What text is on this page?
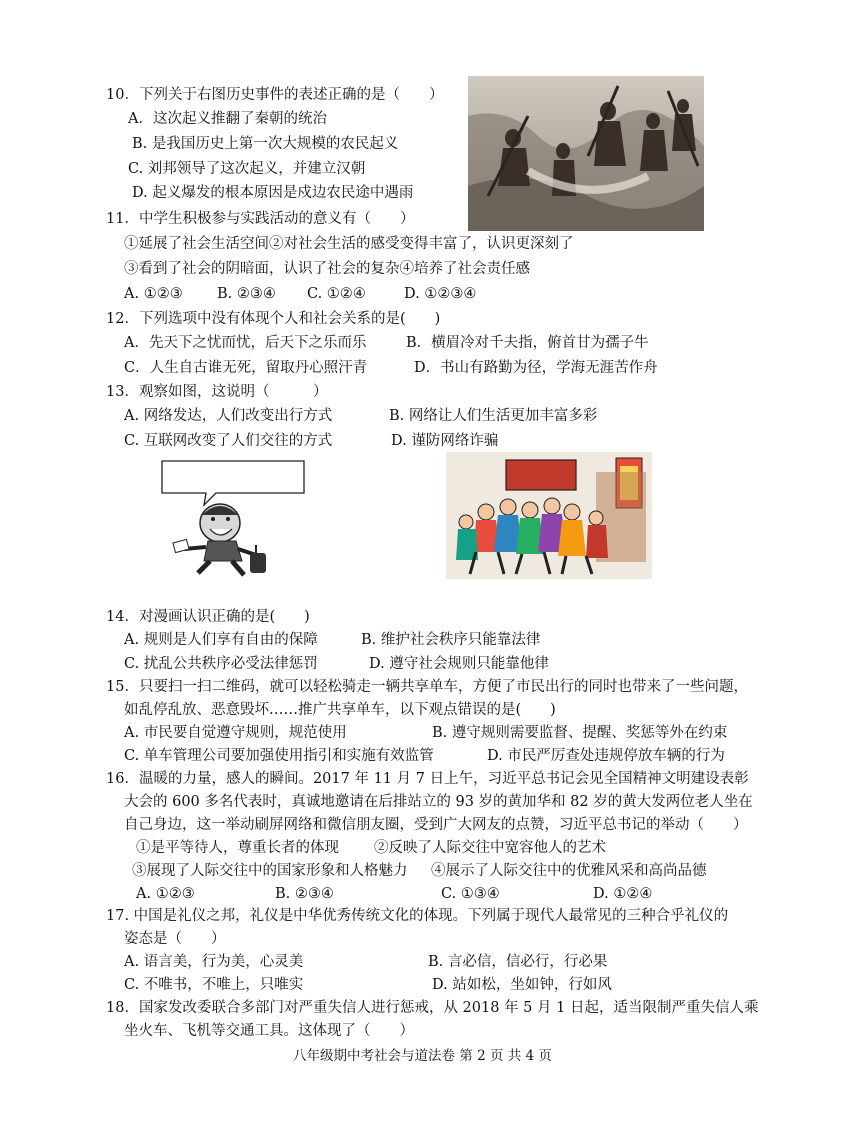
10．下列关于右图历史事件的表述正确的是（　　）
A．这次起义推翻了秦朝的统治
B. 是我国历史上第一次大规模的农民起义
C. 刘邦领导了这次起义，并建立汉朝
D. 起义爆发的根本原因是戍边农民途中遇雨
11．中学生积极参与实践活动的意义有（　　）
①延展了社会生活空间②对社会生活的感受变得丰富了，认识更深刻了
③看到了社会的阴暗面，认识了社会的复杂④培养了社会责任感
A. ①②③ B. ②③④ C. ①②④	D. ①②③④
12．下列选项中没有体现个人和社会关系的是(　　)
A．先天下之忧而忧，后天下之乐而乐	B．横眉冷对千夫指，俯首甘为孺子牛
C．人生自古谁无死，留取丹心照汗青	D．书山有路勤为径，学海无涯苦作舟
13．观察如图，这说明（　　　）
A. 网络发达，人们改变出行方式	B. 网络让人们生活更加丰富多彩
C. 互联网改变了人们交往的方式	D. 谨防网络诈骗
14．对漫画认识正确的是(　　)
A. 规则是人们享有自由的保障	B. 维护社会秩序只能靠法律
C. 扰乱公共秩序必受法律惩罚	D. 遵守社会规则只能靠他律
15．只要扫一扫二维码，就可以轻松骑走一辆共享单车，方便了市民出行的同时也带来了一些问题，
如乱停乱放、恶意毁坏……推广共享单车，以下观点错误的是(　　)
A. 市民要自觉遵守规则，规范使用	B. 遵守规则需要监督、提醒、奖惩等外在约束
C. 单车管理公司要加强使用指引和实施有效监管	D. 市民严厉查处违规停放车辆的行为
16．温暖的力量，感人的瞬间。2017 年 11 月 7 日上午，习近平总书记会见全国精神文明建设表彰
大会的 600 多名代表时，真诚地邀请在后排站立的 93 岁的黄加华和 82 岁的黄大发两位老人坐在
自己身边，这一举动刷屏网络和微信朋友圈，受到广大网友的点赞，习近平总书记的举动（　　）
①是平等待人，尊重长者的体现 ②反映了人际交往中宽容他人的艺术
③展现了人际交往中的国家形象和人格魅力 ④展示了人际交往中的优雅风采和高尚品德
A. ①②③	B. ②③④	C. ①③④	D. ①②④
17. 中国是礼仪之邦，礼仪是中华优秀传统文化的体现。下列属于现代人最常见的三种合乎礼仪的
姿态是（　　）
A. 语言美，行为美，心灵美	B. 言必信，信必行，行必果
C. 不唯书，不唯上，只唯实	D. 站如松，坐如钟，行如风
18．国家发改委联合多部门对严重失信人进行惩戒，从 2018 年 5 月 1 日起，适当限制严重失信人乘
坐火车、飞机等交通工具。这体现了（　　）
八年级期中考社会与道法卷 第 2 页 共 4 页
